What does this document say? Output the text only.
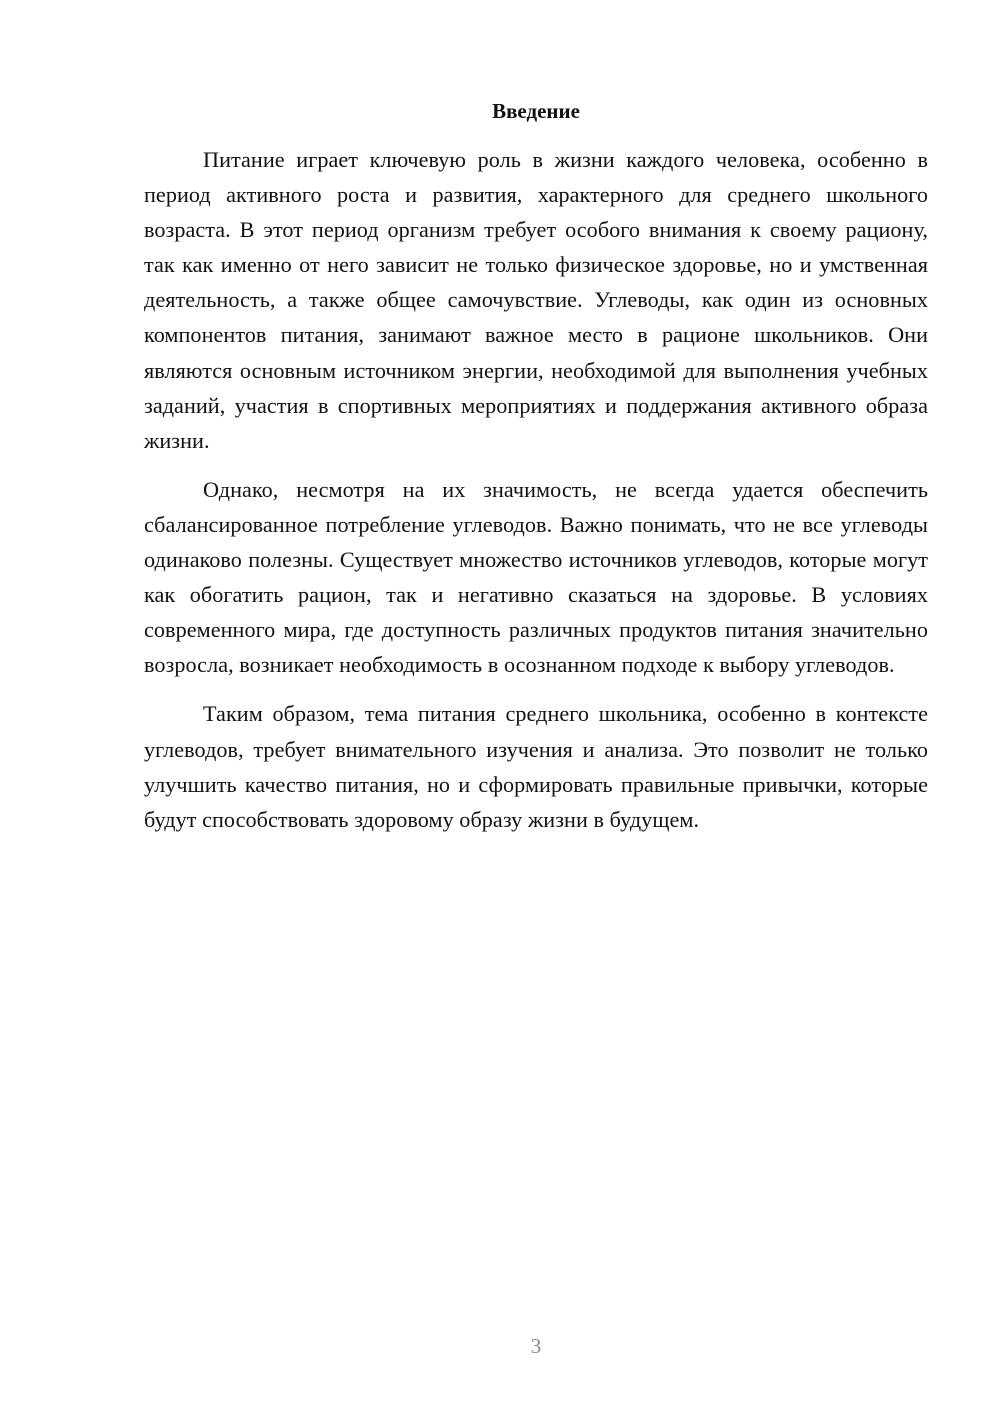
Введение

Питание играет ключевую роль в жизни каждого человека, особенно в период активного роста и развития, характерного для среднего школьного возраста. В этот период организм требует особого внимания к своему рациону, так как именно от него зависит не только физическое здоровье, но и умственная деятельность, а также общее самочувствие. Углеводы, как один из основных компонентов питания, занимают важное место в рационе школьников. Они являются основным источником энергии, необходимой для выполнения учебных заданий, участия в спортивных мероприятиях и поддержания активного образа жизни.

Однако, несмотря на их значимость, не всегда удается обеспечить сбалансированное потребление углеводов. Важно понимать, что не все углеводы одинаково полезны. Существует множество источников углеводов, которые могут как обогатить рацион, так и негативно сказаться на здоровье. В условиях современного мира, где доступность различных продуктов питания значительно возросла, возникает необходимость в осознанном подходе к выбору углеводов.

Таким образом, тема питания среднего школьника, особенно в контексте углеводов, требует внимательного изучения и анализа. Это позволит не только улучшить качество питания, но и сформировать правильные привычки, которые будут способствовать здоровому образу жизни в будущем.

3
